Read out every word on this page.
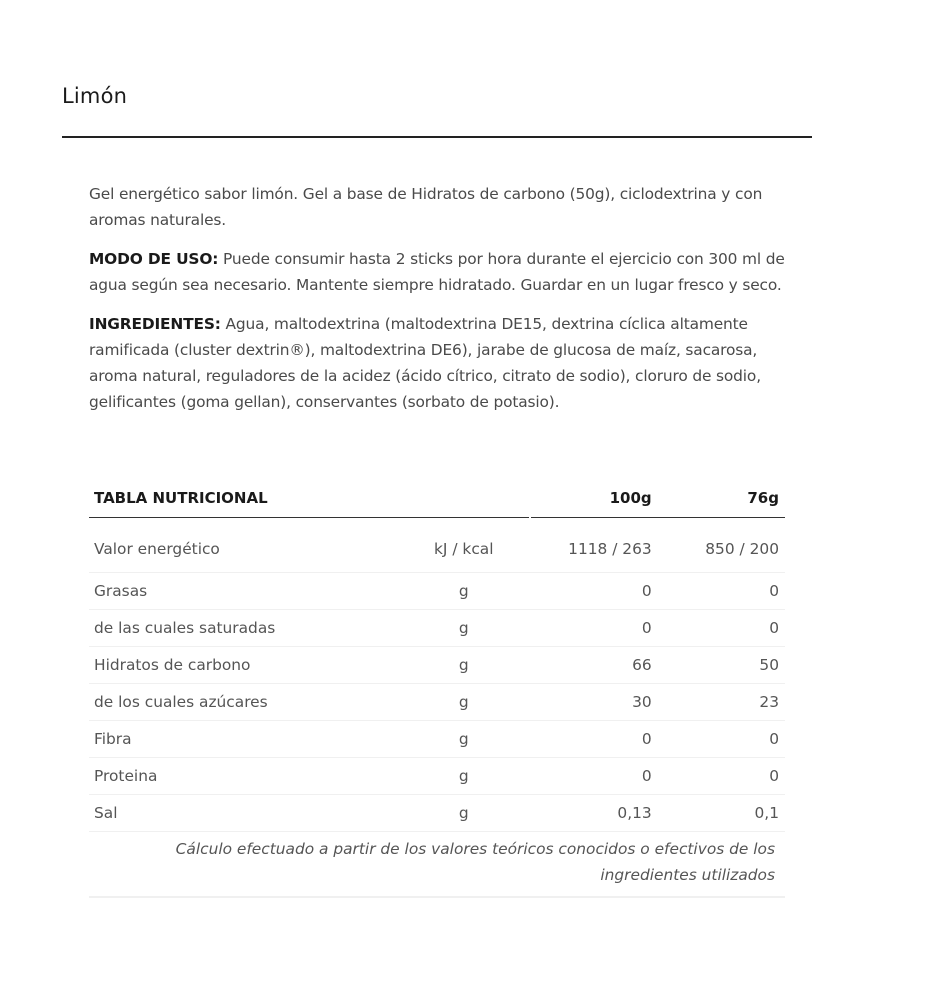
Limón

Gel energético sabor limón. Gel a base de Hidratos de carbono (50g), ciclodextrina y con aromas naturales.

MODO DE USO: Puede consumir hasta 2 sticks por hora durante el ejercicio con 300 ml de agua según sea necesario. Mantente siempre hidratado. Guardar en un lugar fresco y seco.

INGREDIENTES: Agua, maltodextrina (maltodextrina DE15, dextrina cíclica altamente ramificada (cluster dextrin®), maltodextrina DE6), jarabe de glucosa de maíz, sacarosa, aroma natural, reguladores de la acidez (ácido cítrico, citrato de sodio), cloruro de sodio, gelificantes (goma gellan), conservantes (sorbato de potasio).

TABLA NUTRICIONAL		100g	76g
Valor energético	kJ / kcal	1118 / 263	850 / 200
Grasas	g	0	0
de las cuales saturadas	g	0	0
Hidratos de carbono	g	66	50
de los cuales azúcares	g	30	23
Fibra	g	0	0
Proteina	g	0	0
Sal	g	0,13	0,1
Cálculo efectuado a partir de los valores teóricos conocidos o efectivos de los ingredientes utilizados			
